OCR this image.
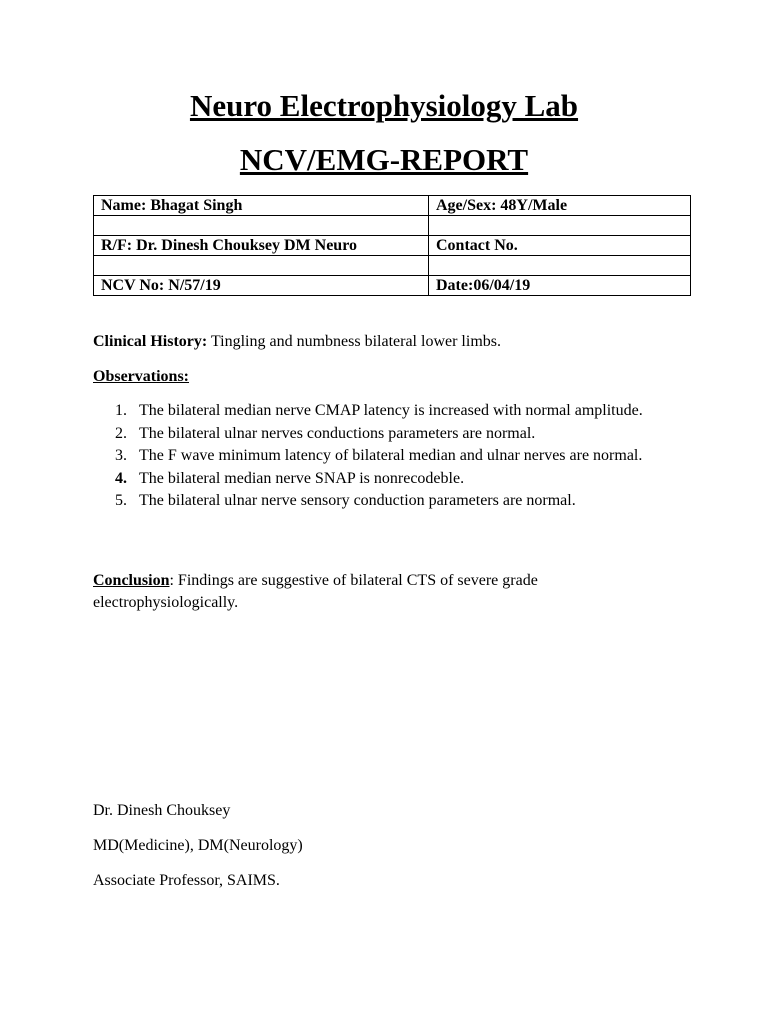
Neuro Electrophysiology Lab
NCV/EMG-REPORT
Name: Bhagat Singh	Age/Sex: 48Y/Male

R/F: Dr. Dinesh Chouksey DM Neuro	Contact No.

NCV No: N/57/19	Date:06/04/19

Clinical History: Tingling and numbness bilateral lower limbs.

Observations:

1. The bilateral median nerve CMAP latency is increased with normal amplitude.
2. The bilateral ulnar nerves conductions parameters are normal.
3. The F wave minimum latency of bilateral median and ulnar nerves are normal.
4. The bilateral median nerve SNAP is nonrecodeble.
5. The bilateral ulnar nerve sensory conduction parameters are normal.

Conclusion: Findings are suggestive of bilateral CTS of severe grade electrophysiologically.

Dr. Dinesh Chouksey

MD(Medicine), DM(Neurology)

Associate Professor, SAIMS.
